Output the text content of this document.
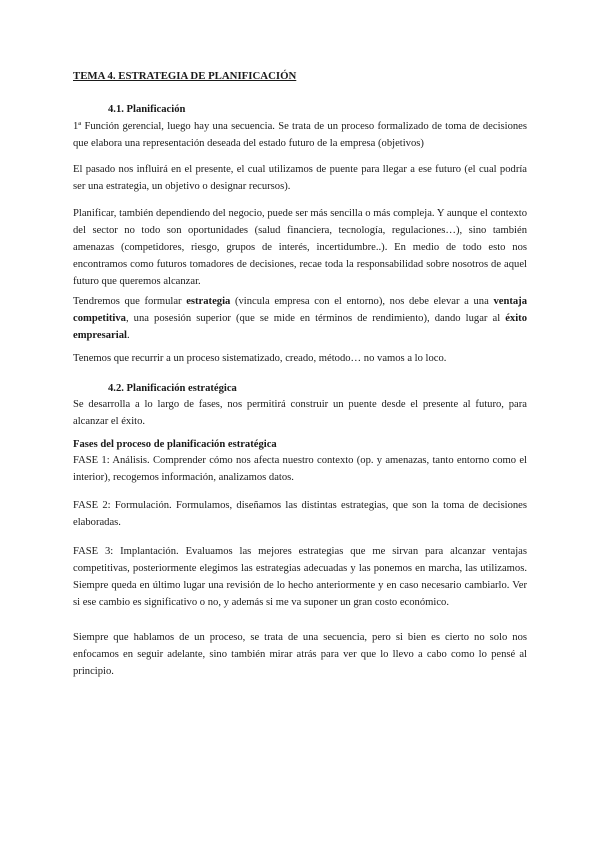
TEMA 4. ESTRATEGIA DE PLANIFICACIÓN

4.1. Planificación

1ª Función gerencial, luego hay una secuencia. Se trata de un proceso formalizado de toma de decisiones que elabora una representación deseada del estado futuro de la empresa (objetivos)

El pasado nos influirá en el presente, el cual utilizamos de puente para llegar a ese futuro (el cual podría ser una estrategia, un objetivo o designar recursos).

Planificar, también dependiendo del negocio, puede ser más sencilla o más compleja. Y aunque el contexto del sector no todo son oportunidades (salud financiera, tecnología, regulaciones…), sino también amenazas (competidores, riesgo, grupos de interés, incertidumbre..). En medio de todo esto nos encontramos como futuros tomadores de decisiones, recae toda la responsabilidad sobre nosotros de aquel futuro que queremos alcanzar.

Tendremos que formular estrategia (vincula empresa con el entorno), nos debe elevar a una ventaja competitiva, una posesión superior (que se mide en términos de rendimiento), dando lugar al éxito empresarial.

Tenemos que recurrir a un proceso sistematizado, creado, método… no vamos a lo loco.

4.2. Planificación estratégica

Se desarrolla a lo largo de fases, nos permitirá construir un puente desde el presente al futuro, para alcanzar el éxito.

Fases del proceso de planificación estratégica

FASE 1: Análisis. Comprender cómo nos afecta nuestro contexto (op. y amenazas, tanto entorno como el interior), recogemos información, analizamos datos.

FASE 2: Formulación. Formulamos, diseñamos las distintas estrategias, que son la toma de decisiones elaboradas.

FASE 3: Implantación. Evaluamos las mejores estrategias que me sirvan para alcanzar ventajas competitivas, posteriormente elegimos las estrategias adecuadas y las ponemos en marcha, las utilizamos. Siempre queda en último lugar una revisión de lo hecho anteriormente y en caso necesario cambiarlo. Ver si ese cambio es significativo o no, y además si me va suponer un gran costo económico.

Siempre que hablamos de un proceso, se trata de una secuencia, pero si bien es cierto no solo nos enfocamos en seguir adelante, sino también mirar atrás para ver que lo llevo a cabo como lo pensé al principio.
